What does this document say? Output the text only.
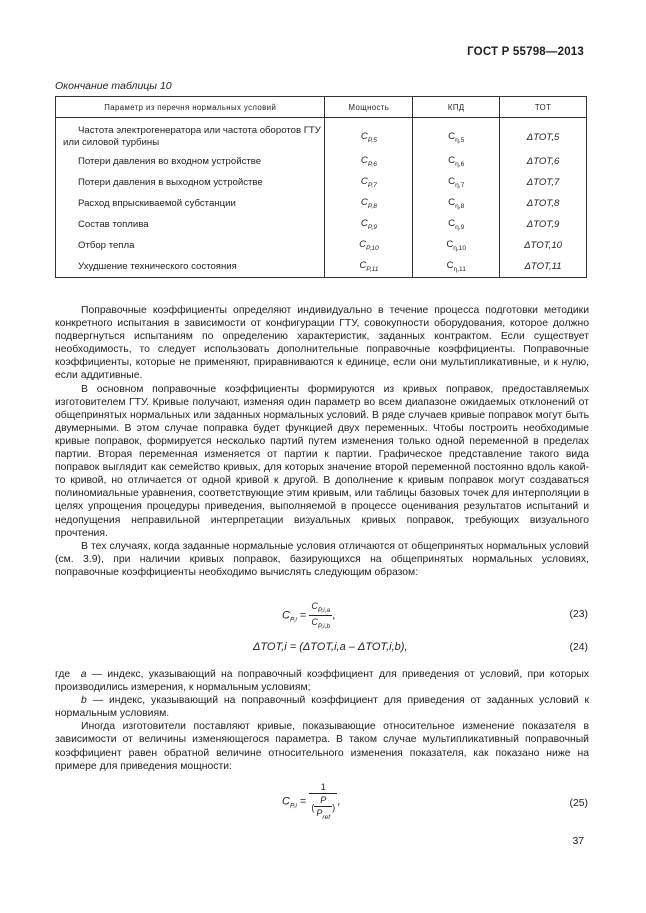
ГОСТ Р 55798—2013
Окончание таблицы 10
Параметр из перечня нормальных условий	Мощность	КПД	ТОТ

Частота электрогенератора или частота оборотов ГТУ или силовой турбины	$C_{P,5}$	$C_{\eta,5}$	ΔTOT,5
Потери давления во входном устройстве	$C_{P,6}$	$C_{\eta,6}$	ΔTOT,6
Потери давления в выходном устройстве	$C_{P,7}$	$C_{\eta,7}$	ΔTOT,7
Расход впрыскиваемой субстанции	$C_{P,8}$	$C_{\eta,8}$	ΔTOT,8
Состав топлива	$C_{P,9}$	$C_{\eta,9}$	ΔTOT,9
Отбор тепла	$C_{P,10}$	$C_{\eta,10}$	ΔTOT,10
Ухудшение технического состояния	$C_{P,11}$	$C_{\eta,11}$	ΔTOT,11

Поправочные коэффициенты определяют индивидуально в течение процесса подготовки методики конкретного испытания в зависимости от конфигурации ГТУ, совокупности оборудования, которое должно подвергнуться испытаниям по определению характеристик, заданных контрактом. Если существует необходимость, то следует использовать дополнительные поправочные коэффициенты. Поправочные коэффициенты, которые не применяют, приравниваются к единице, если они мультипликативные, и к нулю, если аддитивные.

В основном поправочные коэффициенты формируются из кривых поправок, предоставляемых изготовителем ГТУ. Кривые получают, изменяя один параметр во всем диапазоне ожидаемых отклонений от общепринятых нормальных или заданных нормальных условий. В ряде случаев кривые поправок могут быть двумерными. В этом случае поправка будет функцией двух переменных. Чтобы построить необходимые кривые поправок, формируется несколько партий путем изменения только одной переменной в пределах партии. Вторая переменная изменяется от партии к партии. Графическое представление такого вида поправок выглядит как семейство кривых, для которых значение второй переменной постоянно вдоль какой-то кривой, но отличается от одной кривой к другой. В дополнение к кривым поправок могут создаваться полиномиальные уравнения, соответствующие этим кривым, или таблицы базовых точек для интерполяции в целях упрощения процедуры приведения, выполняемой в процессе оценивания результатов испытаний и недопущения неправильной интерпретации визуальных кривых поправок, требующих визуального прочтения.

В тех случаях, когда заданные нормальные условия отличаются от общепринятых нормальных условий (см. 3.9), при наличии кривых поправок, базирующихся на общепринятых нормальных условиях, поправочные коэффициенты необходимо вычислять следующим образом:

$C_{P,i} = \frac{C_{P,i,a}}{C_{P,i,b}}$ ,	(23)
ΔTOT,i = (ΔTOT,i,a – ΔTOT,i,b),	(24)

где a — индекс, указывающий на поправочный коэффициент для приведения от условий, при которых производились измерения, к нормальным условиям;

b — индекс, указывающий на поправочный коэффициент для приведения от заданных условий к нормальным условиям.

Иногда изготовители поставляют кривые, показывающие относительное изменение показателя в зависимости от величины изменяющегося параметра. В таком случае мультипликативный поправочный коэффициент равен обратной величине относительного изменения показателя, как показано ниже на примере для приведения мощности:

$C_{P,i} = \frac{1}{( \frac{P}{P_{ref}} )}$ ,	(25)
37
